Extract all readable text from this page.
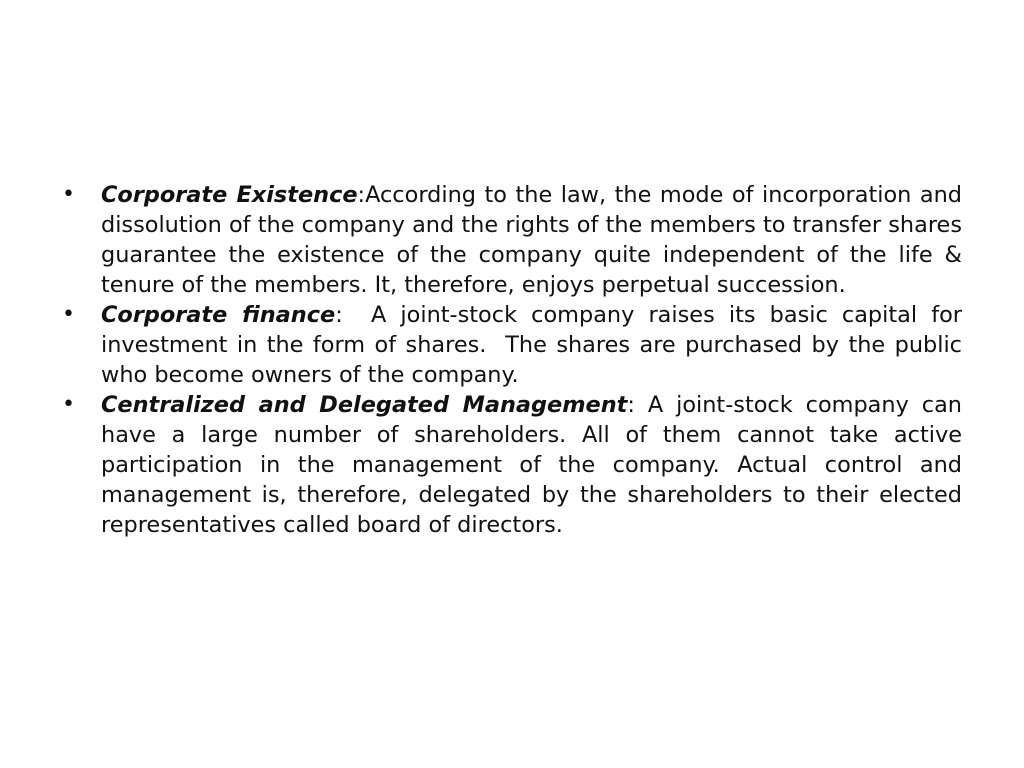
•	Corporate Existence:According to the law, the mode of incorporation and dissolution of the company and the rights of the members to transfer shares guarantee the existence of the company quite independent of the life & tenure of the members. It, therefore, enjoys perpetual succession.
•	Corporate finance:  A joint-stock company raises its basic capital for investment in the form of shares.  The shares are purchased by the public who become owners of the company.
•	Centralized and Delegated Management: A joint-stock company can have a large number of shareholders. All of them cannot take active participation in the management of the company. Actual control and management is, therefore, delegated by the shareholders to their elected representatives called board of directors.
